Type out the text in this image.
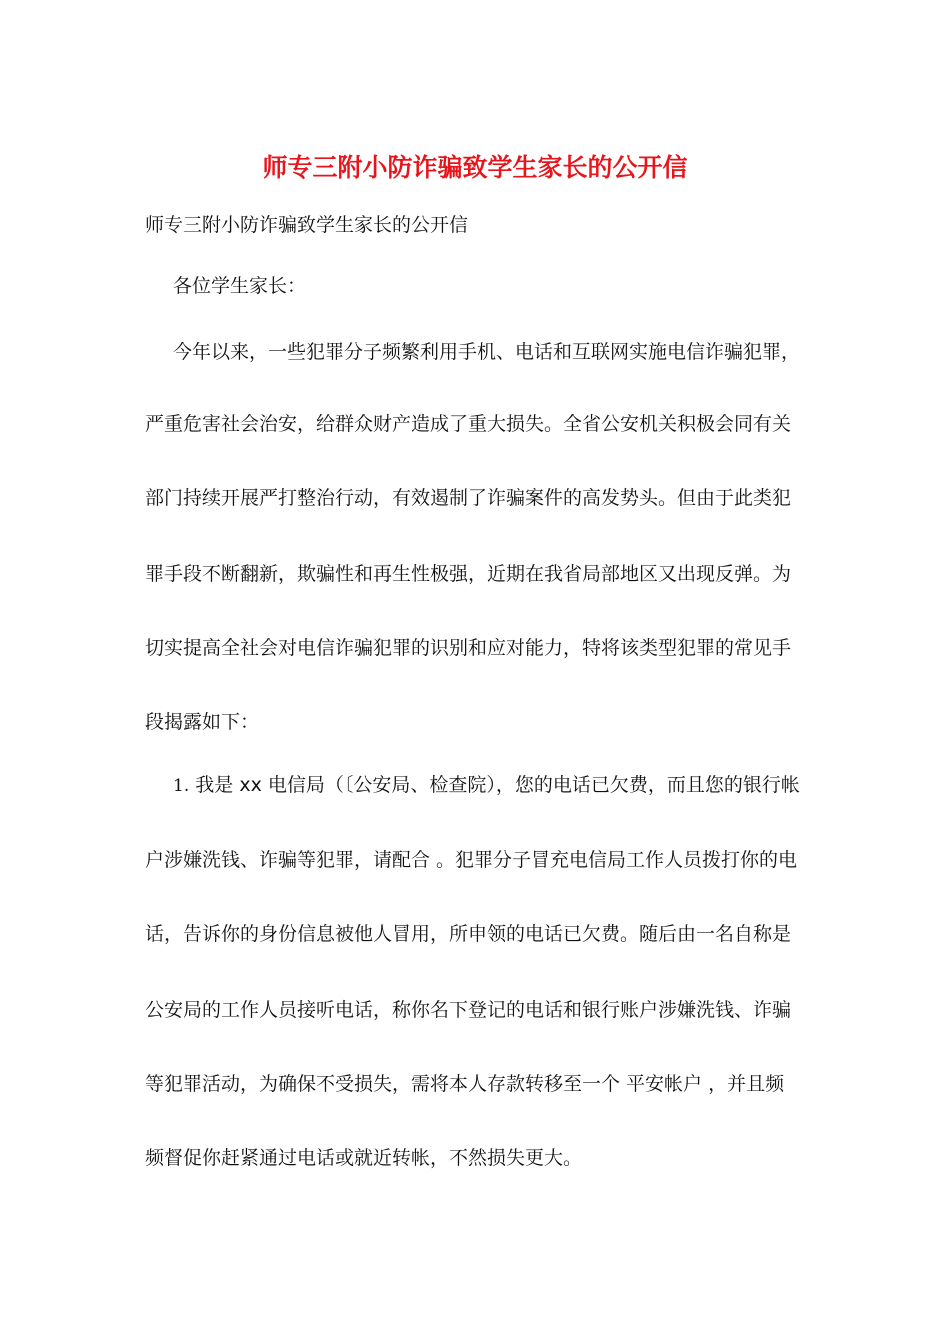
师专三附小防诈骗致学生家长的公开信
师专三附小防诈骗致学生家长的公开信
各位学生家长：
今年以来，一些犯罪分子频繁利用手机、电话和互联网实施电信诈骗犯罪，
严重危害社会治安，给群众财产造成了重大损失。全省公安机关积极会同有关
部门持续开展严打整治行动，有效遏制了诈骗案件的高发势头。但由于此类犯
罪手段不断翻新，欺骗性和再生性极强，近期在我省局部地区又出现反弹。为
切实提高全社会对电信诈骗犯罪的识别和应对能力，特将该类型犯罪的常见手
段揭露如下：
1. 我是 xx 电信局（〔公安局、检查院），您的电话已欠费，而且您的银行帐
户涉嫌洗钱、诈骗等犯罪，请配合 。犯罪分子冒充电信局工作人员拨打你的电
话，告诉你的身份信息被他人冒用，所申领的电话已欠费。随后由一名自称是
公安局的工作人员接听电话，称你名下登记的电话和银行账户涉嫌洗钱、诈骗
等犯罪活动，为确保不受损失，需将本人存款转移至一个 平安帐户 ，并且频
频督促你赶紧通过电话或就近转帐，不然损失更大。
